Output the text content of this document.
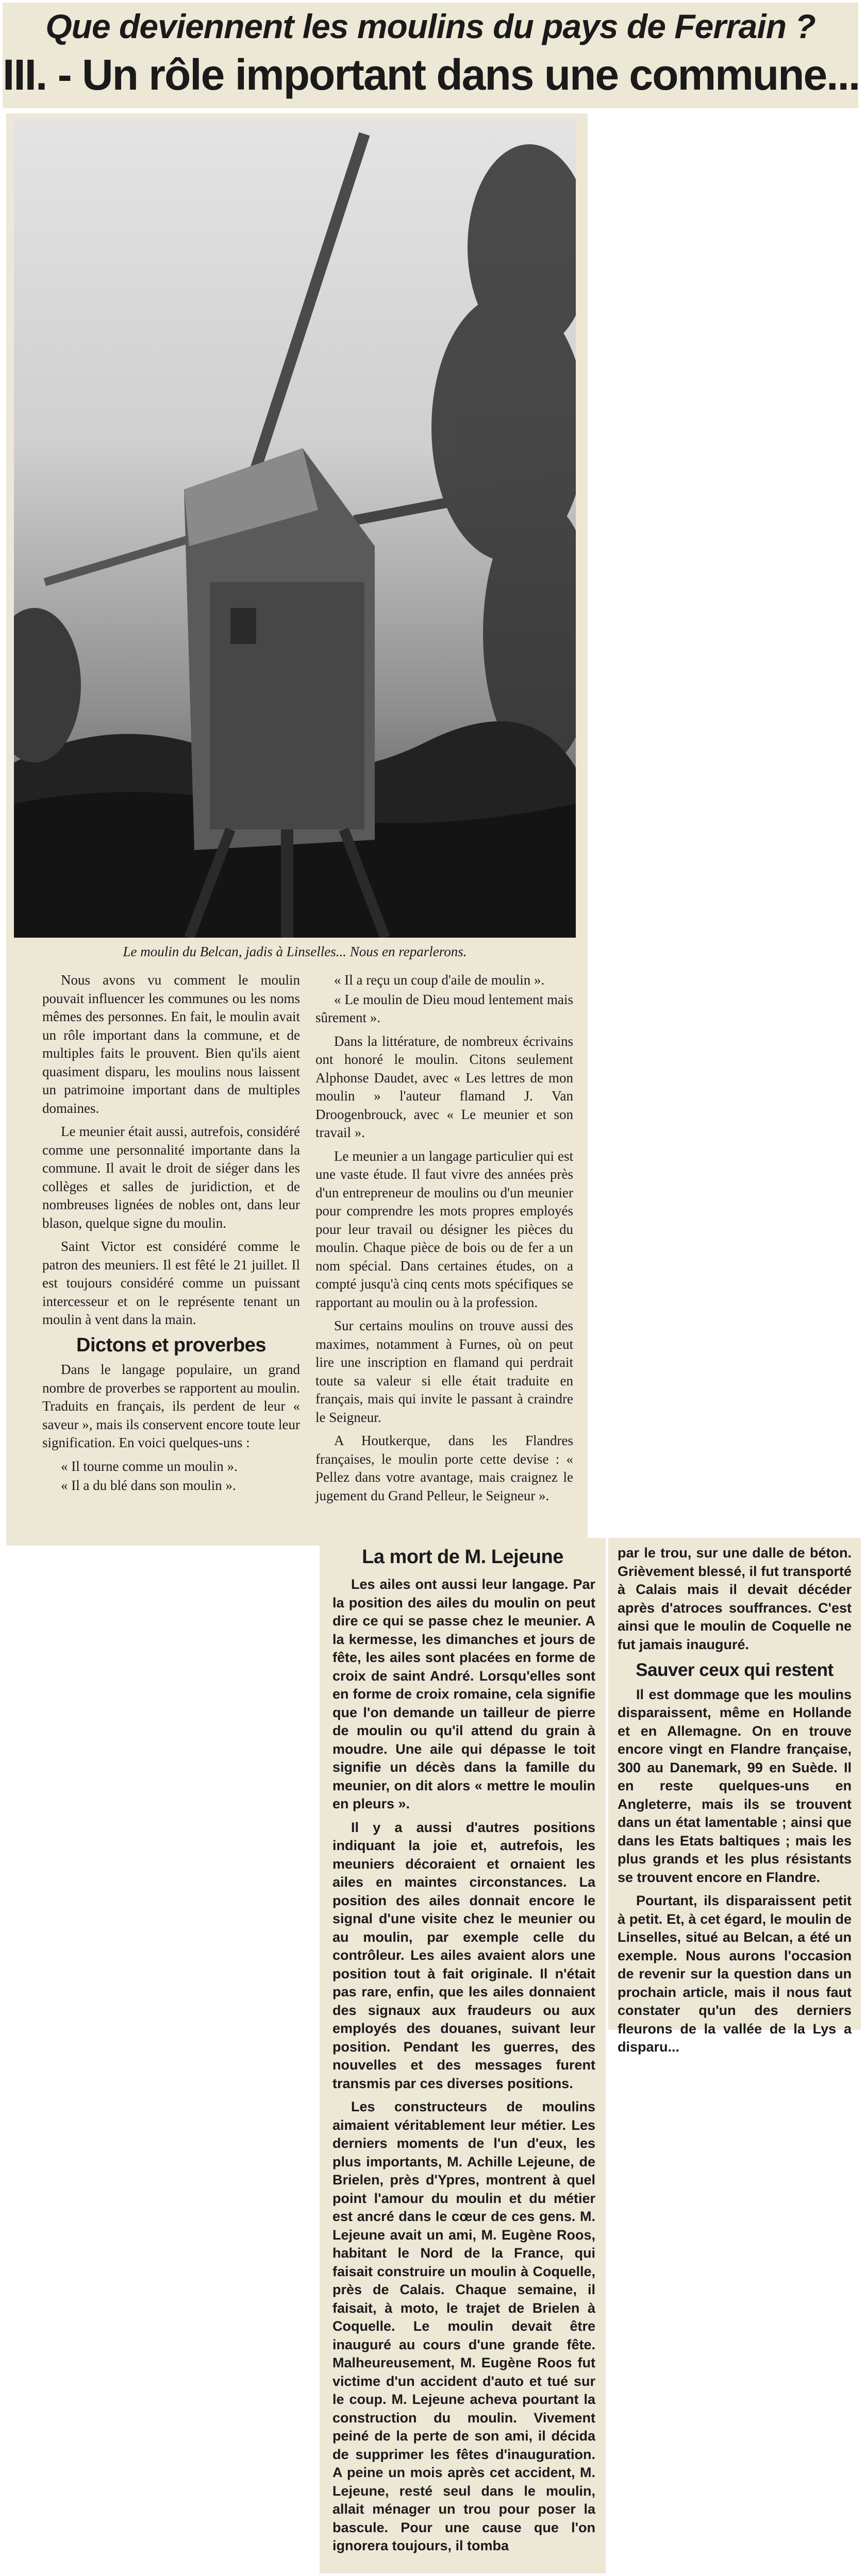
Que deviennent les moulins du pays de Ferrain ?
III. - Un rôle important dans une commune...
Le moulin du Belcan, jadis à Linselles... Nous en reparlerons.

Nous avons vu comment le moulin pouvait influencer les communes ou les noms mêmes des personnes. En fait, le moulin avait un rôle important dans la commune, et de multiples faits le prouvent. Bien qu'ils aient quasiment disparu, les moulins nous laissent un patrimoine important dans de multiples domaines.

Le meunier était aussi, autrefois, considéré comme une personnalité importante dans la commune. Il avait le droit de siéger dans les collèges et salles de juridiction, et de nombreuses lignées de nobles ont, dans leur blason, quelque signe du moulin.

Saint Victor est considéré comme le patron des meuniers. Il est fêté le 21 juillet. Il est toujours considéré comme un puissant intercesseur et on le représente tenant un moulin à vent dans la main.

Dictons et proverbes

Dans le langage populaire, un grand nombre de proverbes se rapportent au moulin. Traduits en français, ils perdent de leur « saveur », mais ils conservent encore toute leur signification. En voici quelques-uns :

« Il tourne comme un moulin ».

« Il a du blé dans son moulin ».

« Il a reçu un coup d'aile de moulin ».

« Le moulin de Dieu moud lentement mais sûrement ».

Dans la littérature, de nombreux écrivains ont honoré le moulin. Citons seulement Alphonse Daudet, avec « Les lettres de mon moulin » l'auteur flamand J. Van Droogenbrouck, avec « Le meunier et son travail ».

Le meunier a un langage particulier qui est une vaste étude. Il faut vivre des années près d'un entrepreneur de moulins ou d'un meunier pour comprendre les mots propres employés pour leur travail ou désigner les pièces du moulin. Chaque pièce de bois ou de fer a un nom spécial. Dans certaines études, on a compté jusqu'à cinq cents mots spécifiques se rapportant au moulin ou à la profession.

Sur certains moulins on trouve aussi des maximes, notamment à Furnes, où on peut lire une inscription en flamand qui perdrait toute sa valeur si elle était traduite en français, mais qui invite le passant à craindre le Seigneur.

A Houtkerque, dans les Flandres françaises, le moulin porte cette devise : « Pellez dans votre avantage, mais craignez le jugement du Grand Pelleur, le Seigneur ».

La mort de M. Lejeune

Les ailes ont aussi leur langage. Par la position des ailes du moulin on peut dire ce qui se passe chez le meunier. A la kermesse, les dimanches et jours de fête, les ailes sont placées en forme de croix de saint André. Lorsqu'elles sont en forme de croix romaine, cela signifie que l'on demande un tailleur de pierre de moulin ou qu'il attend du grain à moudre. Une aile qui dépasse le toit signifie un décès dans la famille du meunier, on dit alors « mettre le moulin en pleurs ».

Il y a aussi d'autres positions indiquant la joie et, autrefois, les meuniers décoraient et ornaient les ailes en maintes circonstances. La position des ailes donnait encore le signal d'une visite chez le meunier ou au moulin, par exemple celle du contrôleur. Les ailes avaient alors une position tout à fait originale. Il n'était pas rare, enfin, que les ailes donnaient des signaux aux fraudeurs ou aux employés des douanes, suivant leur position. Pendant les guerres, des nouvelles et des messages furent transmis par ces diverses positions.

Les constructeurs de moulins aimaient véritablement leur métier. Les derniers moments de l'un d'eux, les plus importants, M. Achille Lejeune, de Brielen, près d'Ypres, montrent à quel point l'amour du moulin et du métier est ancré dans le cœur de ces gens. M. Lejeune avait un ami, M. Eugène Roos, habitant le Nord de la France, qui faisait construire un moulin à Coquelle, près de Calais. Chaque semaine, il faisait, à moto, le trajet de Brielen à Coquelle. Le moulin devait être inauguré au cours d'une grande fête. Malheureusement, M. Eugène Roos fut victime d'un accident d'auto et tué sur le coup. M. Lejeune acheva pourtant la construction du moulin. Vivement peiné de la perte de son ami, il décida de supprimer les fêtes d'inauguration. A peine un mois après cet accident, M. Lejeune, resté seul dans le moulin, allait ménager un trou pour poser la bascule. Pour une cause que l'on ignorera toujours, il tomba

par le trou, sur une dalle de béton. Grièvement blessé, il fut transporté à Calais mais il devait décéder après d'atroces souffrances. C'est ainsi que le moulin de Coquelle ne fut jamais inauguré.

Sauver ceux qui restent

Il est dommage que les moulins disparaissent, même en Hollande et en Allemagne. On en trouve encore vingt en Flandre française, 300 au Danemark, 99 en Suède. Il en reste quelques-uns en Angleterre, mais ils se trouvent dans un état lamentable ; ainsi que dans les Etats baltiques ; mais les plus grands et les plus résistants se trouvent encore en Flandre.

Pourtant, ils disparaissent petit à petit. Et, à cet égard, le moulin de Linselles, situé au Belcan, a été un exemple. Nous aurons l'occasion de revenir sur la question dans un prochain article, mais il nous faut constater qu'un des derniers fleurons de la vallée de la Lys a disparu...
